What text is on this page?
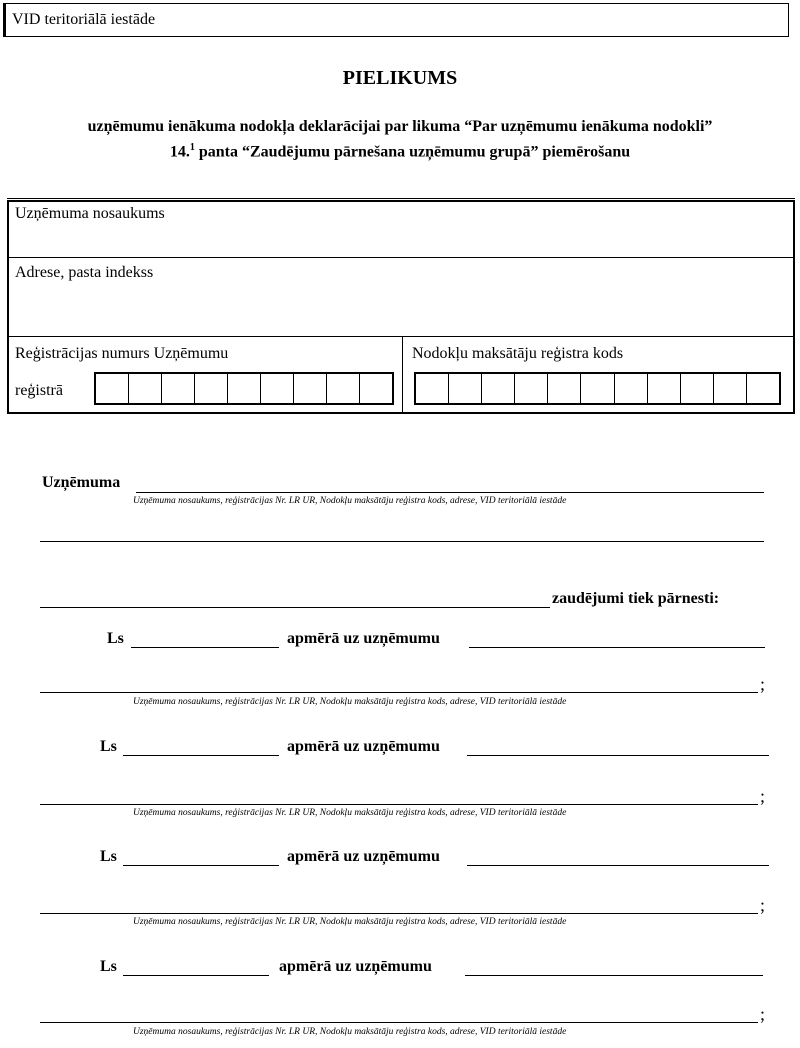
VID teritoriālā iestāde
PIELIKUMS
uzņēmumu ienākuma nodokļa deklarācijai par likuma “Par uzņēmumu ienākuma nodokli”
14.$^1$ panta “Zaudējumu pārnešana uzņēmumu grupā” piemērošanu
Uzņēmuma nosaukums
Adrese, pasta indekss
Reģistrācijas numurs Uzņēmumu
reģistrā
Nodokļu maksātāju reģistra kods
Uzņēmuma
Uzņēmuma nosaukums, reģistrācijas Nr. LR UR, Nodokļu maksātāju reģistra kods, adrese, VID teritoriālā iestāde
zaudējumi tiek pārnesti:
Ls	apmērā uz uzņēmumu
;
Uzņēmuma nosaukums, reģistrācijas Nr. LR UR, Nodokļu maksātāju reģistra kods, adrese, VID teritoriālā iestāde
Ls	apmērā uz uzņēmumu
;
Uzņēmuma nosaukums, reģistrācijas Nr. LR UR, Nodokļu maksātāju reģistra kods, adrese, VID teritoriālā iestāde
Ls	apmērā uz uzņēmumu
;
Uzņēmuma nosaukums, reģistrācijas Nr. LR UR, Nodokļu maksātāju reģistra kods, adrese, VID teritoriālā iestāde
Ls	apmērā uz uzņēmumu
;
Uzņēmuma nosaukums, reģistrācijas Nr. LR UR, Nodokļu maksātāju reģistra kods, adrese, VID teritoriālā iestāde
